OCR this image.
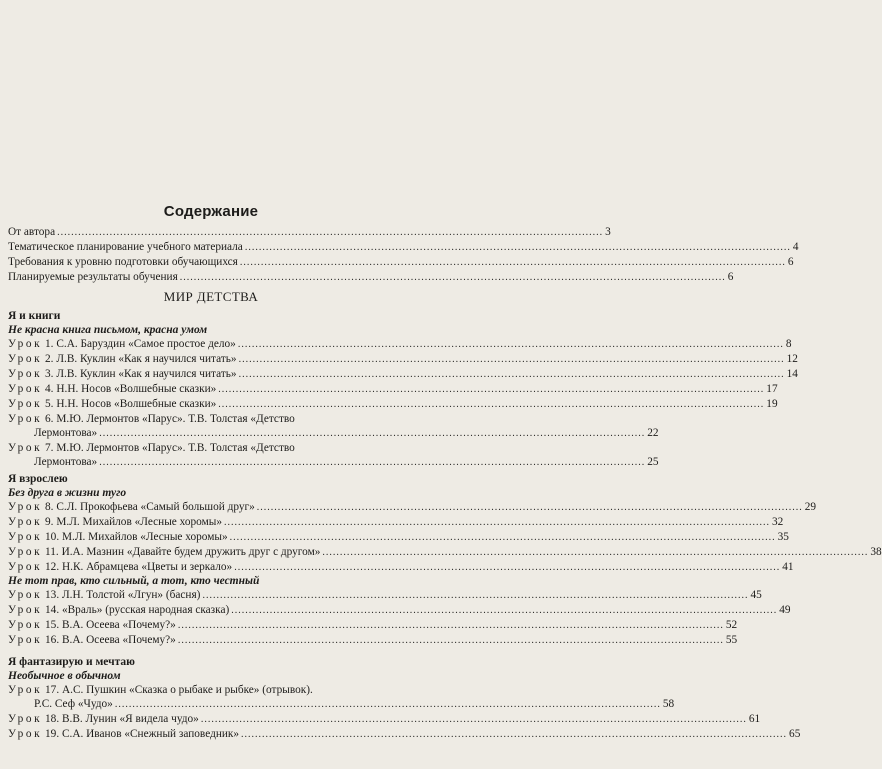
Содержание
От автора .....	3
Тематическое планирование учебного материала .....	4
Требования к уровню подготовки обучающихся .....	6
Планируемые результаты обучения .....	6
МИР ДЕТСТВА
Я и книги
Не красна книга письмом, красна умом
Урок 1. С.А. Баруздин «Самое простое дело» .....	8
Урок 2. Л.В. Куклин «Как я научился читать» .....	12
Урок 3. Л.В. Куклин «Как я научился читать» .....	14
Урок 4. Н.Н. Носов «Волшебные сказки» .....	17
Урок 5. Н.Н. Носов «Волшебные сказки» .....	19
Урок 6. М.Ю. Лермонтов «Парус». Т.В. Толстая «Детство
Лермонтова» .....	22
Урок 7. М.Ю. Лермонтов «Парус». Т.В. Толстая «Детство
Лермонтова» .....	25
Я взрослею
Без друга в жизни туго
Урок 8. С.Л. Прокофьева «Самый большой друг» .....	29
Урок 9. М.Л. Михайлов «Лесные хоромы» .....	32
Урок 10. М.Л. Михайлов «Лесные хоромы» .....	35
Урок 11. И.А. Мазнин «Давайте будем дружить друг с другом» .....	38
Урок 12. Н.К. Абрамцева «Цветы и зеркало» .....	41
Не тот прав, кто сильный, а тот, кто честный
Урок 13. Л.Н. Толстой «Лгун» (басня) .....	45
Урок 14. «Враль» (русская народная сказка) .....	49
Урок 15. В.А. Осеева «Почему?» .....	52
Урок 16. В.А. Осеева «Почему?» .....	55
Я фантазирую и мечтаю
Необычное в обычном
Урок 17. А.С. Пушкин «Сказка о рыбаке и рыбке» (отрывок).
Р.С. Сеф «Чудо» .....	58
Урок 18. В.В. Лунин «Я видела чудо» .....	61
Урок 19. С.А. Иванов «Снежный заповедник» .....	65
